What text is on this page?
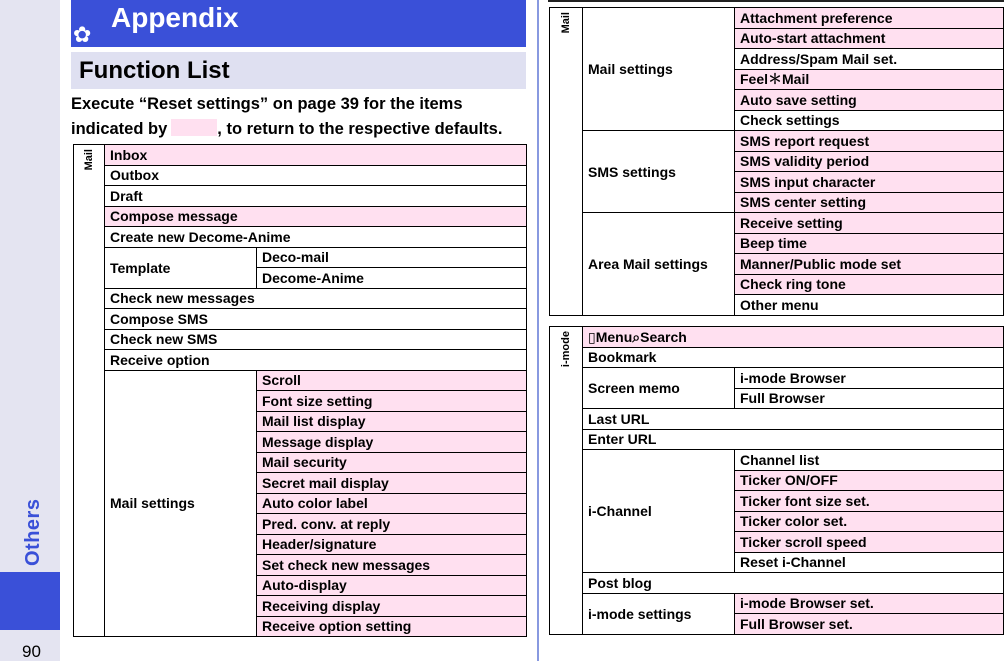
Others
90
✿
Appendix
Function List
Execute “Reset settings” on page 39 for the items
indicated by	, to return to the respective defaults.
Mail	Inbox	
	Outbox	
	Draft	
	Compose message	
	Create new Decome-Anime	
	Template	Deco-mail
		Decome-Anime
	Check new messages	
	Compose SMS	
	Check new SMS	
	Receive option	
	Mail settings	Scroll
		Font size setting
		Mail list display
		Message display
		Mail security
		Secret mail display
		Auto color label
		Pred. conv. at reply
		Header/signature
		Set check new messages
		Auto-display
		Receiving display
		Receive option setting
Mail	Mail settings	Attachment preference
		Auto-start attachment
		Address/Spam Mail set.
		Feel＊Mail
		Auto save setting
		Check settings
	SMS settings	SMS report request
		SMS validity period
		SMS input character
		SMS center setting
	Area Mail settings	Receive setting
		Beep time
		Manner/Public mode set
		Check ring tone
		Other menu
i-mode	▯Menu⌕Search	
	Bookmark	
	Screen memo	i-mode Browser
		Full Browser
	Last URL	
	Enter URL	
	i-Channel	Channel list
		Ticker ON/OFF
		Ticker font size set.
		Ticker color set.
		Ticker scroll speed
		Reset i-Channel
	Post blog	
	i-mode settings	i-mode Browser set.
		Full Browser set.
